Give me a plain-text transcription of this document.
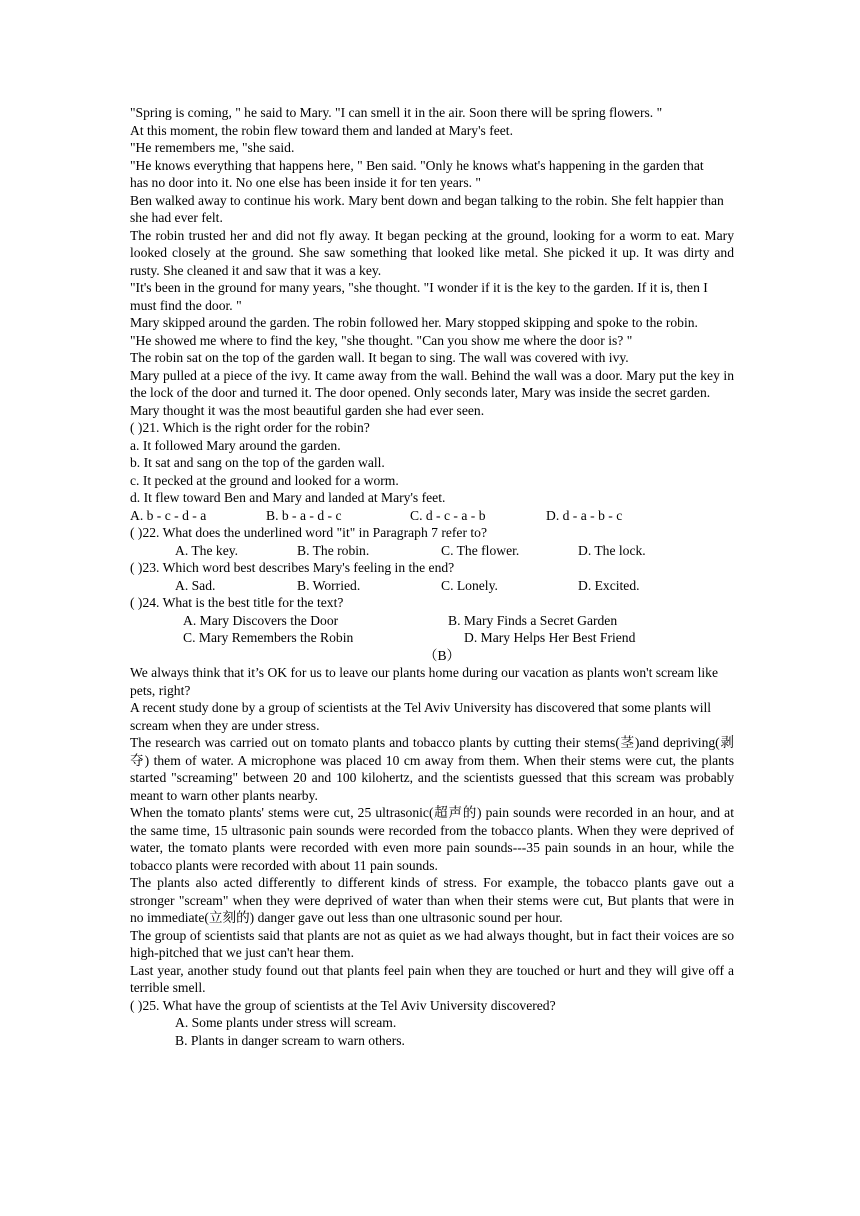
"Spring is coming, " he said to Mary. "I can smell it in the air. Soon there will be spring flowers. "

At this moment, the robin flew toward them and landed at Mary's feet.

"He remembers me, "she said.

"He knows everything that happens here, " Ben said. "Only he knows what's happening in the garden that has no door into it. No one else has been inside it for ten years. "

Ben walked away to continue his work. Mary bent down and began talking to the robin. She felt happier than she had ever felt.

The robin trusted her and did not fly away. It began pecking at the ground, looking for a worm to eat. Mary looked closely at the ground. She saw something that looked like metal. She picked it up. It was dirty and rusty. She cleaned it and saw that it was a key.

"It's been in the ground for many years, "she thought. "I wonder if it is the key to the garden. If it is, then I must find the door. "

Mary skipped around the garden. The robin followed her. Mary stopped skipping and spoke to the robin.

"He showed me where to find the key, "she thought. "Can you show me where the door is? "

The robin sat on the top of the garden wall. It began to sing. The wall was covered with ivy.

Mary pulled at a piece of the ivy. It came away from the wall. Behind the wall was a door. Mary put the key in the lock of the door and turned it. The door opened. Only seconds later, Mary was inside the secret garden.

Mary thought it was the most beautiful garden she had ever seen.

( )21. Which is the right order for the robin?

a. It followed Mary around the garden.

b. It sat and sang on the top of the garden wall.

c. It pecked at the ground and looked for a worm.

d. It flew toward Ben and Mary and landed at Mary's feet.

A. b - c - d - a	B. b - a - d - c	C. d - c - a - b	D. d - a - b - c

( )22. What does the underlined word "it" in Paragraph 7 refer to?

A. The key.	B. The robin.	C. The flower.	D. The lock.

( )23. Which word best describes Mary's feeling in the end?

A. Sad.	B. Worried.	C. Lonely.	D. Excited.

( )24. What is the best title for the text?

A. Mary Discovers the Door	B. Mary Finds a Secret Garden
C. Mary Remembers the Robin	D. Mary Helps Her Best Friend

（B）

We always think that it’s OK for us to leave our plants home during our vacation as plants won't scream like pets, right?

A recent study done by a group of scientists at the Tel Aviv University has discovered that some plants will scream when they are under stress.

The research was carried out on tomato plants and tobacco plants by cutting their stems(茎)and depriving(剥夺) them of water. A microphone was placed 10 cm away from them. When their stems were cut, the plants started "screaming" between 20 and 100 kilohertz, and the scientists guessed that this scream was probably meant to warn other plants nearby.

When the tomato plants' stems were cut, 25 ultrasonic(超声的) pain sounds were recorded in an hour, and at the same time, 15 ultrasonic pain sounds were recorded from the tobacco plants. When they were deprived of water, the tomato plants were recorded with even more pain sounds---35 pain sounds in an hour, while the tobacco plants were recorded with about 11 pain sounds.

The plants also acted differently to different kinds of stress. For example, the tobacco plants gave out a stronger "scream" when they were deprived of water than when their stems were cut, But plants that were in no immediate(立刻的) danger gave out less than one ultrasonic sound per hour.

The group of scientists said that plants are not as quiet as we had always thought, but in fact their voices are so high-pitched that we just can't hear them.

Last year, another study found out that plants feel pain when they are touched or hurt and they will give off a terrible smell.

( )25. What have the group of scientists at the Tel Aviv University discovered?

A. Some plants under stress will scream.

B. Plants in danger scream to warn others.
